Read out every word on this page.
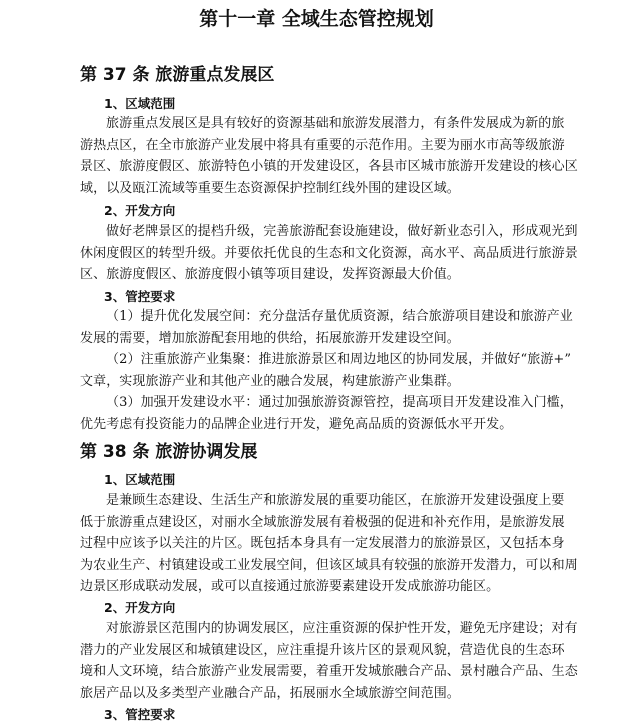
第十一章 全域生态管控规划
第 37 条 旅游重点发展区
1、区域范围
旅游重点发展区是具有较好的资源基础和旅游发展潜力，有条件发展成为新的旅
游热点区，在全市旅游产业发展中将具有重要的示范作用。主要为丽水市高等级旅游
景区、旅游度假区、旅游特色小镇的开发建设区，各县市区城市旅游开发建设的核心区
域，以及瓯江流域等重要生态资源保护控制红线外围的建设区域。
2、开发方向
做好老牌景区的提档升级，完善旅游配套设施建设，做好新业态引入，形成观光到
休闲度假区的转型升级。并要依托优良的生态和文化资源，高水平、高品质进行旅游景
区、旅游度假区、旅游度假小镇等项目建设，发挥资源最大价值。
3、管控要求
（1）提升优化发展空间：充分盘活存量优质资源，结合旅游项目建设和旅游产业
发展的需要，增加旅游配套用地的供给，拓展旅游开发建设空间。
（2）注重旅游产业集聚：推进旅游景区和周边地区的协同发展，并做好“旅游+”
文章，实现旅游产业和其他产业的融合发展，构建旅游产业集群。
（3）加强开发建设水平：通过加强旅游资源管控，提高项目开发建设准入门槛，
优先考虑有投资能力的品牌企业进行开发，避免高品质的资源低水平开发。
第 38 条 旅游协调发展
1、区域范围
是兼顾生态建设、生活生产和旅游发展的重要功能区，在旅游开发建设强度上要
低于旅游重点建设区，对丽水全域旅游发展有着极强的促进和补充作用，是旅游发展
过程中应该予以关注的片区。既包括本身具有一定发展潜力的旅游景区，又包括本身
为农业生产、村镇建设或工业发展空间，但该区域具有较强的旅游开发潜力，可以和周
边景区形成联动发展，或可以直接通过旅游要素建设开发成旅游功能区。
2、开发方向
对旅游景区范围内的协调发展区，应注重资源的保护性开发，避免无序建设；对有
潜力的产业发展区和城镇建设区，应注重提升该片区的景观风貌，营造优良的生态环
境和人文环境，结合旅游产业发展需要，着重开发城旅融合产品、景村融合产品、生态
旅居产品以及多类型产业融合产品，拓展丽水全域旅游空间范围。
3、管控要求
